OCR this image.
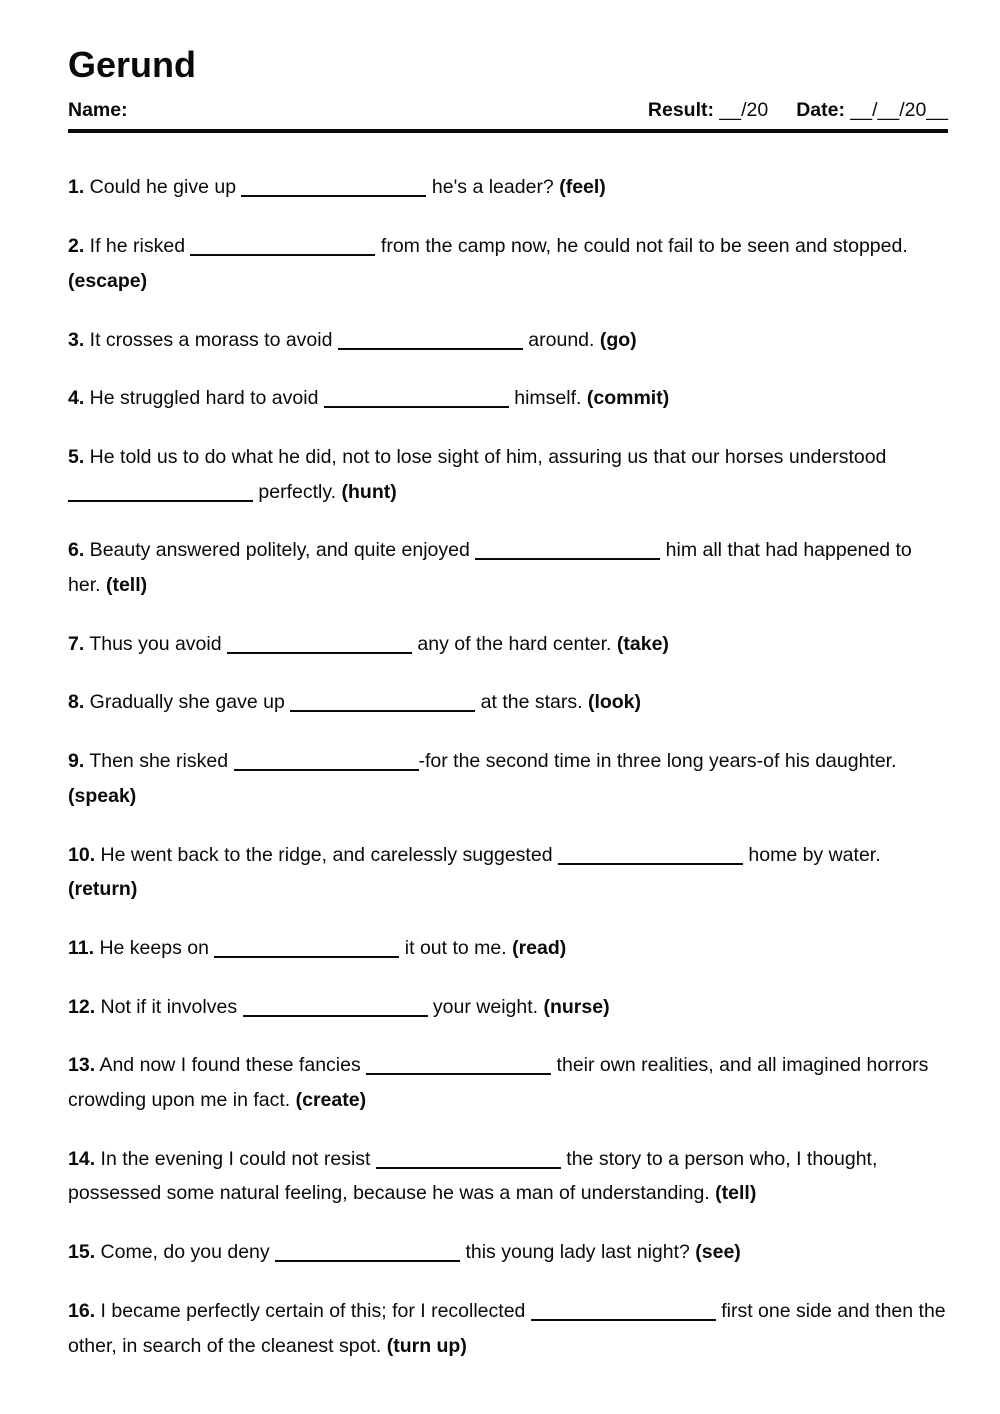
Gerund
Name:	Result: __/20 Date: __/__/20__

1. Could he give up	he's a leader? (feel)

2. If he risked	from the camp now, he could not fail to be seen and stopped. (escape)

3. It crosses a morass to avoid	around. (go)

4. He struggled hard to avoid	himself. (commit)

5. He told us to do what he did, not to lose sight of him, assuring us that our horses understood  perfectly. (hunt)

6. Beauty answered politely, and quite enjoyed	him all that had happened to her. (tell)

7. Thus you avoid	any of the hard center. (take)

8. Gradually she gave up	at the stars. (look)

9. Then she risked	-for the second time in three long years-of his daughter. (speak)

10. He went back to the ridge, and carelessly suggested	home by water. (return)

11. He keeps on	it out to me. (read)

12. Not if it involves	your weight. (nurse)

13. And now I found these fancies	their own realities, and all imagined horrors crowding upon me in fact. (create)

14. In the evening I could not resist	the story to a person who, I thought, possessed some natural feeling, because he was a man of understanding. (tell)

15. Come, do you deny	this young lady last night? (see)

16. I became perfectly certain of this; for I recollected	first one side and then the other, in search of the cleanest spot. (turn up)
